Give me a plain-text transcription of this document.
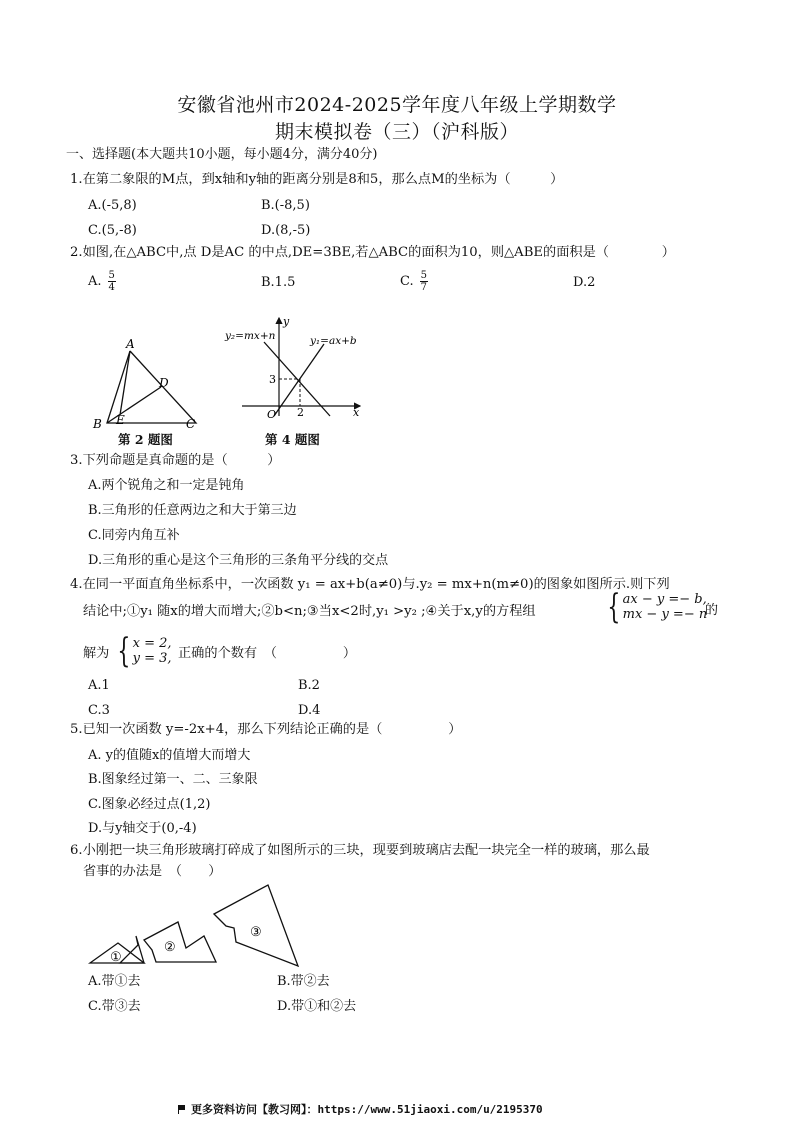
安徽省池州市2024-2025学年度八年级上学期数学
期末模拟卷（三）（沪科版）
一、选择题(本大题共10小题，每小题4分，满分40分)
1.在第二象限的M点，到x轴和y轴的距离分别是8和5，那么点M的坐标为（　　　）
A.(-5,8)	B.(-8,5)
C.(5,-8)	D.(8,-5)
2.如图,在△ABC中,点 D是AC 的中点,DE=3BE,若△ABC的面积为10，则△ABE的面积是（　　　　）
A. $\frac{5}{4}$	B.1.5	C. $\frac{5}{7}$	D.2
A
B	C
D
E
第 2 题图
y₂=mx+n	y₁=ax+b
y
x
O
3
2
第 4 题图
3.下列命题是真命题的是（　　　）
A.两个锐角之和一定是钝角
B.三角形的任意两边之和大于第三边
C.同旁内角互补
D.三角形的重心是这个三角形的三条角平分线的交点
4.在同一平面直角坐标系中，一次函数 y₁ = ax+b(a≠0)与.y₂ = mx+n(m≠0)的图象如图所示.则下列
结论中;①y₁ 随x的增大而增大;②b<n;③当x<2时,y₁ >y₂ ;④关于x,y的方程组 { ax − y =− b,
mx − y =− n
的
解为 { x = 2,
y = 3, 正确的个数有　（　　　　　）
A.1	B.2
C.3	D.4
5.已知一次函数 y=-2x+4，那么下列结论正确的是（　　　　　）
A. y的值随x的值增大而增大
B.图象经过第一、二、三象限
C.图象必经过点(1,2)
D.与y轴交于(0,-4)
6.小刚把一块三角形玻璃打碎成了如图所示的三块，现要到玻璃店去配一块完全一样的玻璃，那么最
省事的办法是　（　　）
①
②
③
A.带①去	B.带②去
C.带③去	D.带①和②去
更多资料访问【教习网】：https://www.51jiaoxi.com/u/2195370
